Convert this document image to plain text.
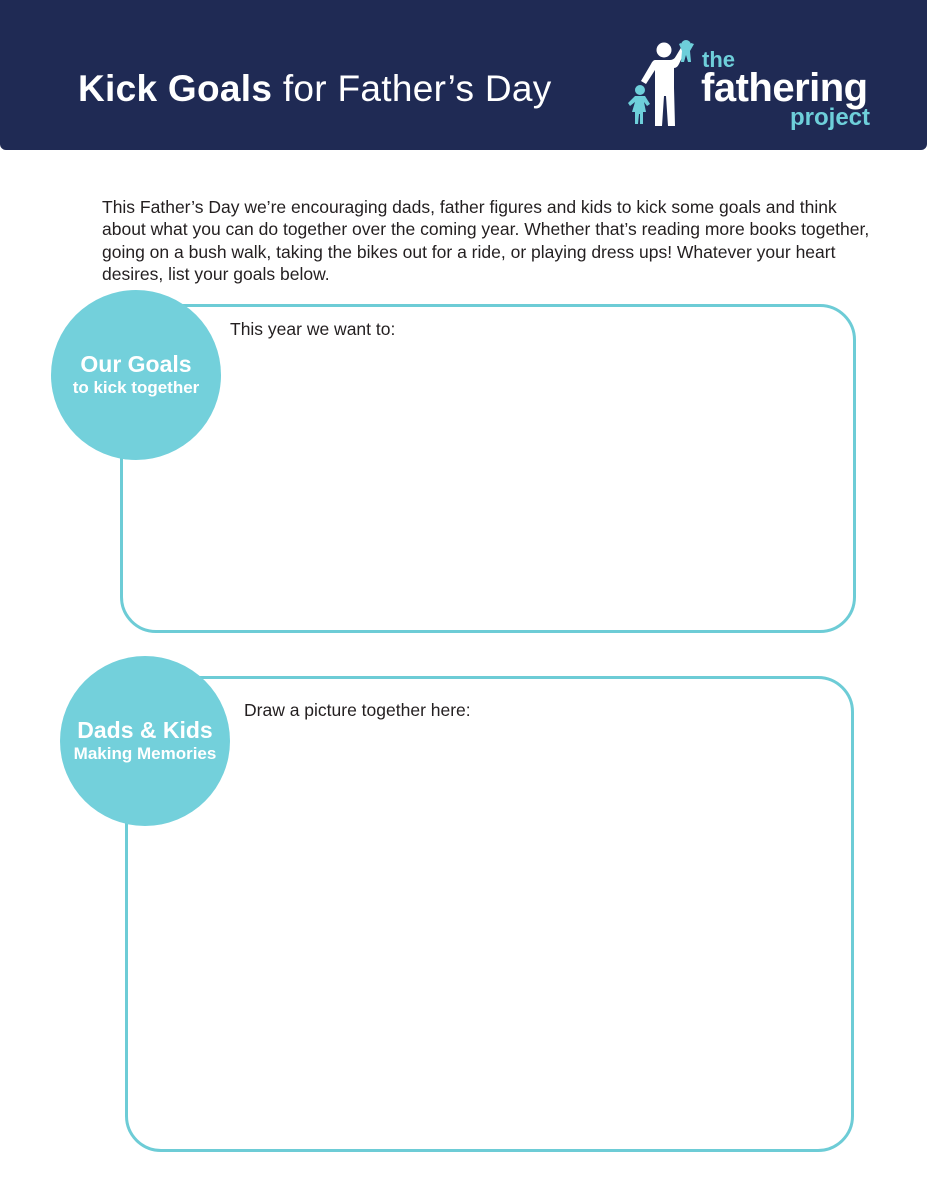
Kick Goals for Father’s Day
the
fathering
project

This Father’s Day we’re encouraging dads, father figures and kids to kick some goals and think about what you can do together over the coming year. Whether that’s reading more books together, going on a bush walk, taking the bikes out for a ride, or playing dress ups! Whatever your heart desires, list your goals below.

This year we want to:
Our Goals
to kick together
Draw a picture together here:
Dads & Kids
Making Memories
